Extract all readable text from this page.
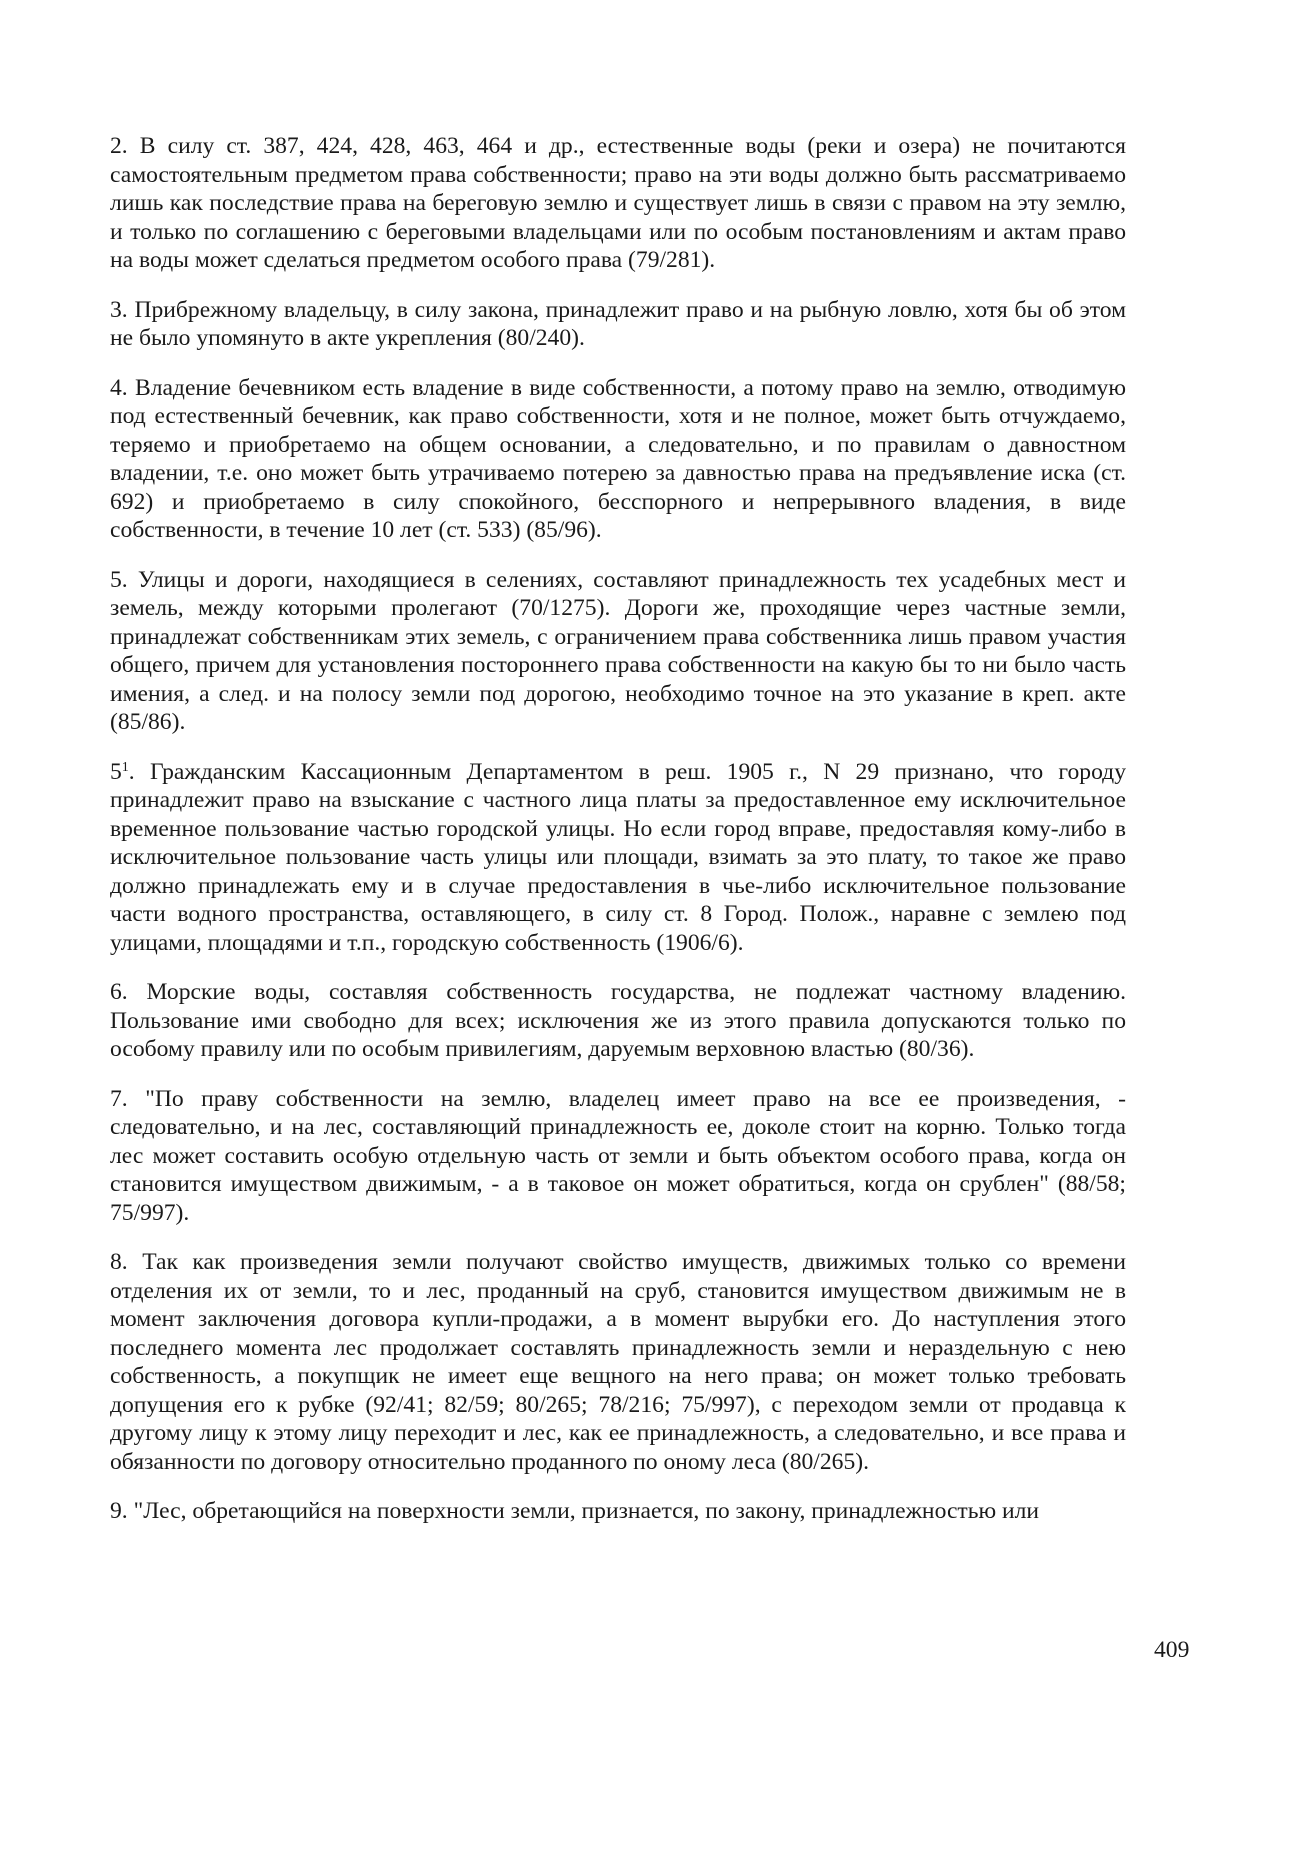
2. В силу ст. 387, 424, 428, 463, 464 и др., естественные воды (реки и озера) не почитаются самостоятельным предметом права собственности; право на эти воды должно быть рассматриваемо лишь как последствие права на береговую землю и существует лишь в связи с правом на эту землю, и только по соглашению с береговыми владельцами или по особым постановлениям и актам право на воды может сделаться предметом особого права (79/281).

3. Прибрежному владельцу, в силу закона, принадлежит право и на рыбную ловлю, хотя бы об этом не было упомянуто в акте укрепления (80/240).

4. Владение бечевником есть владение в виде собственности, а потому право на землю, отводимую под естественный бечевник, как право собственности, хотя и не полное, может быть отчуждаемо, теряемо и приобретаемо на общем основании, а следовательно, и по правилам о давностном владении, т.е. оно может быть утрачиваемо потерею за давностью права на предъявление иска (ст. 692) и приобретаемо в силу спокойного, бесспорного и непрерывного владения, в виде собственности, в течение 10 лет (ст. 533) (85/96).

5. Улицы и дороги, находящиеся в селениях, составляют принадлежность тех усадебных мест и земель, между которыми пролегают (70/1275). Дороги же, проходящие через частные земли, принадлежат собственникам этих земель, с ограничением права собственника лишь правом участия общего, причем для установления постороннего права собственности на какую бы то ни было часть имения, а след. и на полосу земли под дорогою, необходимо точное на это указание в креп. акте (85/86).

$5^1$. Гражданским Кассационным Департаментом в реш. 1905 г., N 29 признано, что городу принадлежит право на взыскание с частного лица платы за предоставленное ему исключительное временное пользование частью городской улицы. Но если город вправе, предоставляя кому-либо в исключительное пользование часть улицы или площади, взимать за это плату, то такое же право должно принадлежать ему и в случае предоставления в чье-либо исключительное пользование части водного пространства, оставляющего, в силу ст. 8 Город. Полож., наравне с землею под улицами, площадями и т.п., городскую собственность (1906/6).

6. Морские воды, составляя собственность государства, не подлежат частному владению. Пользование ими свободно для всех; исключения же из этого правила допускаются только по особому правилу или по особым привилегиям, даруемым верховною властью (80/36).

7. "По праву собственности на землю, владелец имеет право на все ее произведения, - следовательно, и на лес, составляющий принадлежность ее, доколе стоит на корню. Только тогда лес может составить особую отдельную часть от земли и быть объектом особого права, когда он становится имуществом движимым, - а в таковое он может обратиться, когда он срублен" (88/58; 75/997).

8. Так как произведения земли получают свойство имуществ, движимых только со времени отделения их от земли, то и лес, проданный на сруб, становится имуществом движимым не в момент заключения договора купли-продажи, а в момент вырубки его. До наступления этого последнего момента лес продолжает составлять принадлежность земли и нераздельную с нею собственность, а покупщик не имеет еще вещного на него права; он может только требовать допущения его к рубке (92/41; 82/59; 80/265; 78/216; 75/997), с переходом земли от продавца к другому лицу к этому лицу переходит и лес, как ее принадлежность, а следовательно, и все права и обязанности по договору относительно проданного по оному леса (80/265).

9. "Лес, обретающийся на поверхности земли, признается, по закону, принадлежностью или

409
